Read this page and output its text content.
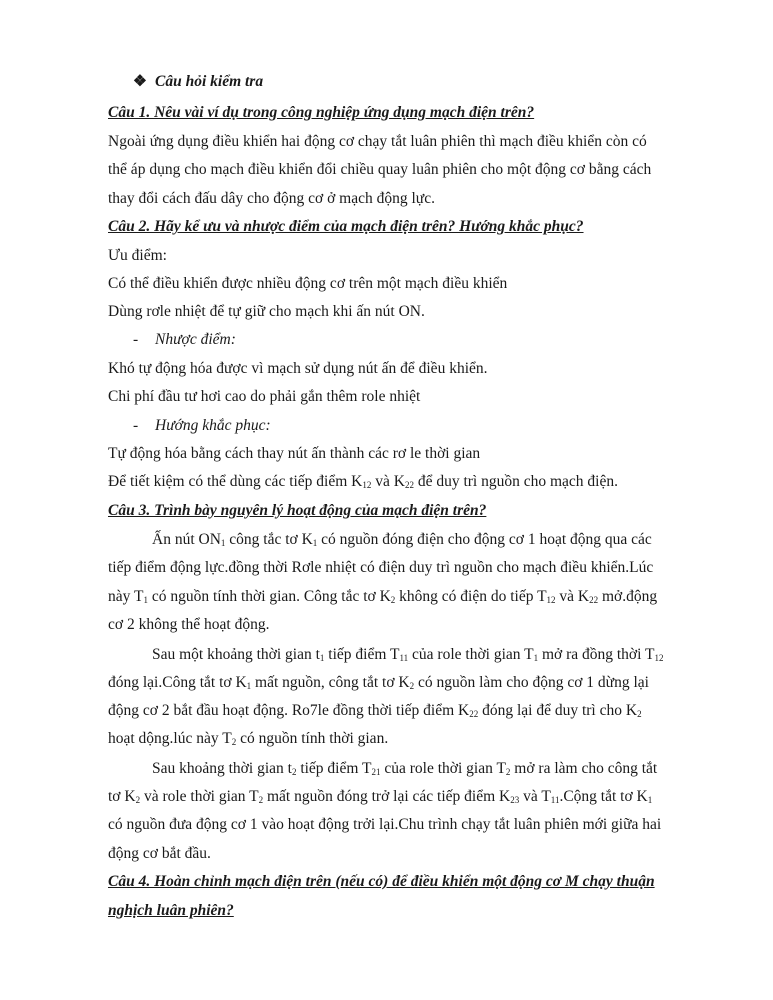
❖ Câu hỏi kiểm tra
Câu 1. Nêu vài ví dụ trong công nghiệp ứng dụng mạch điện trên?
Ngoài ứng dụng điều khiển hai động cơ chạy tắt luân phiên thì mạch điều khiển còn có
thể áp dụng cho mạch điều khiển đổi chiều quay luân phiên cho một động cơ bằng cách
thay đổi cách đấu dây cho động cơ ở mạch động lực.
Câu 2. Hãy kể ưu và nhược điểm của mạch điện trên? Hướng khắc phục?
Ưu điểm:
Có thể điều khiển được nhiều động cơ trên một mạch điều khiển
Dùng rơle nhiệt để tự giữ cho mạch khi ấn nút ON.
- Nhược điểm:
Khó tự động hóa được vì mạch sử dụng nút ấn để điều khiển.
Chi phí đầu tư hơi cao do phải gắn thêm role nhiệt
- Hướng khắc phục:
Tự động hóa bằng cách thay nút ấn thành các rơ le thời gian
Để tiết kiệm có thể dùng các tiếp điểm $K_{12}$ và $K_{22}$ để duy trì nguồn cho mạch điện.
Câu 3. Trình bày nguyên lý hoạt động của mạch điện trên?
Ấn nút $ON_1$ công tắc tơ $K_1$ có nguồn đóng điện cho động cơ 1 hoạt động qua các
tiếp điểm động lực.đồng thời Rơle nhiệt có điện duy trì nguồn cho mạch điều khiển.Lúc
này $T_1$ có nguồn tính thời gian. Công tắc tơ $K_2$ không có điện do tiếp $T_{12}$ và $K_{22}$ mở.động
cơ 2 không thể hoạt động.
Sau một khoảng thời gian $t_1$ tiếp điểm $T_{11}$ của role thời gian $T_1$ mở ra đồng thời $T_{12}$
đóng lại.Công tắt tơ $K_1$ mất nguồn, công tắt tơ $K_2$ có nguồn làm cho động cơ 1 dừng lại
động cơ 2 bắt đầu hoạt động. Ro7le đồng thời tiếp điểm $K_{22}$ đóng lại để duy trì cho $K_2$
hoạt dộng.lúc này $T_2$ có nguồn tính thời gian.
Sau khoảng thời gian $t_2$ tiếp điểm $T_{21}$ của role thời gian $T_2$ mở ra làm cho công tắt
tơ $K_2$ và role thời gian $T_2$ mất nguồn đóng trở lại các tiếp điểm $K_{23}$ và $T_{11}.Cộng$ tắt tơ $K_1$
có nguồn đưa động cơ 1 vào hoạt động trởi lại.Chu trình chạy tắt luân phiên mới giữa hai
động cơ bắt đầu.
Câu 4. Hoàn chỉnh mạch điện trên (nếu có) để điều khiển một động cơ M chạy thuận
nghịch luân phiên?
